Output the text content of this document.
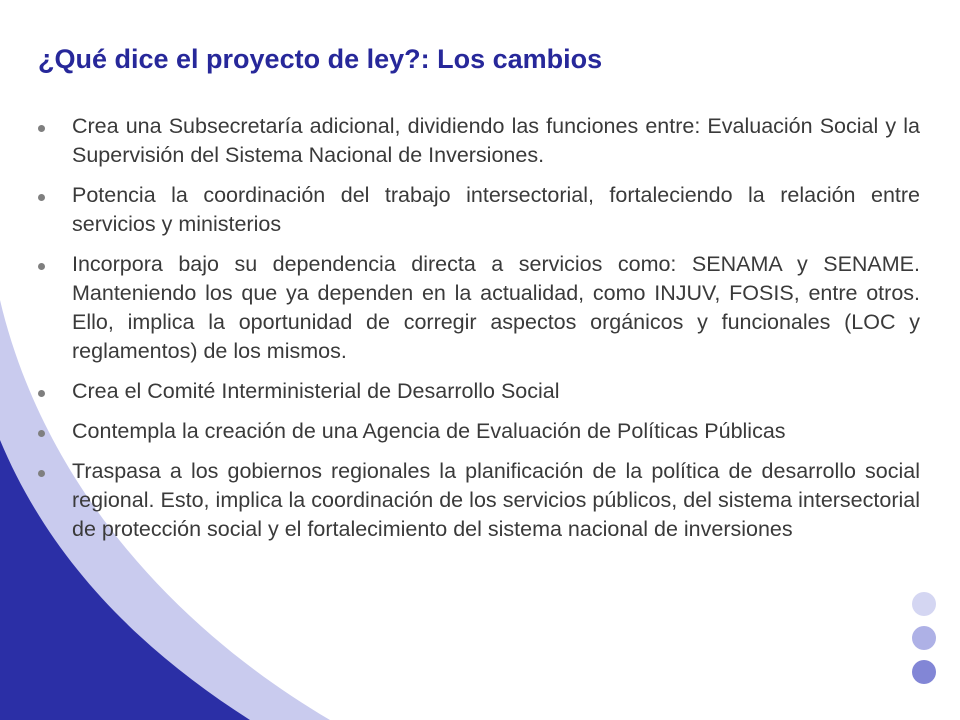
¿Qué dice el proyecto de ley?: Los cambios
Crea una Subsecretaría adicional, dividiendo las funciones entre: Evaluación Social y la Supervisión del Sistema Nacional de Inversiones.
Potencia la coordinación del trabajo intersectorial, fortaleciendo la relación entre servicios y ministerios
Incorpora bajo su dependencia directa a servicios como: SENAMA y SENAME. Manteniendo los que ya dependen en la actualidad, como INJUV, FOSIS, entre otros. Ello, implica la oportunidad de corregir aspectos orgánicos y funcionales (LOC y reglamentos) de los mismos.
Crea el Comité Interministerial de Desarrollo Social
Contempla la creación de una Agencia de Evaluación de Políticas Públicas
Traspasa a los gobiernos regionales la planificación de la política de desarrollo social regional. Esto, implica la coordinación de los servicios públicos, del sistema intersectorial de protección social y el fortalecimiento del sistema nacional de inversiones
